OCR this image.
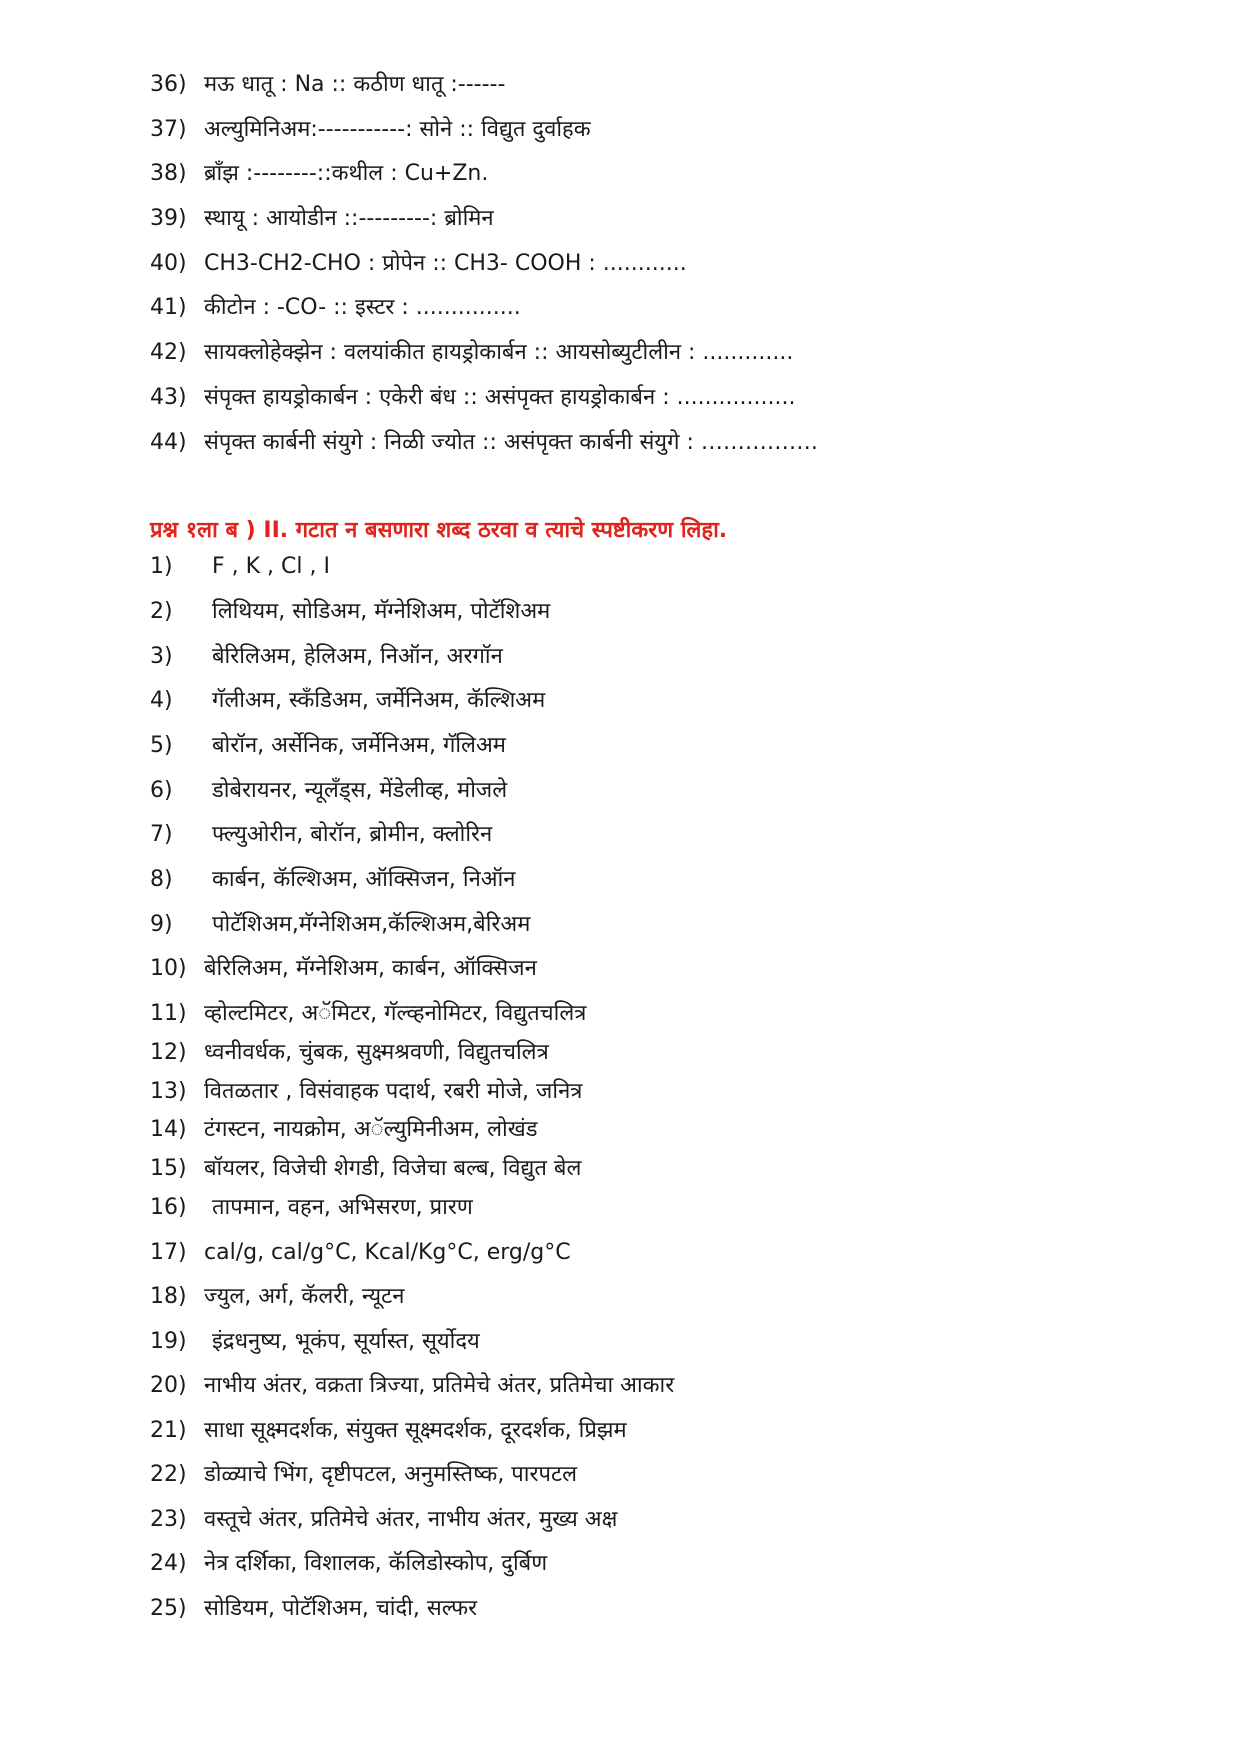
36) मऊ धातू : Na :: कठीण धातू :------
37) अल्युमिनिअम:-----------: सोने :: विद्युत दुर्वाहक
38) ब्राँझ :--------::कथील : Cu+Zn.
39) स्थायू : आयोडीन ::---------: ब्रोमिन
40) CH3-CH2-CHO : प्रोपेन :: CH3- COOH : ............
41) कीटोन : -CO- :: इस्टर : ...............
42) सायक्लोहेक्झेन : वलयांकीत हायड्रोकार्बन :: आयसोब्युटीलीन : .............
43) संपृक्त हायड्रोकार्बन : एकेरी बंध :: असंपृक्त हायड्रोकार्बन : .................
44) संपृक्त कार्बनी संयुगे : निळी ज्योत :: असंपृक्त कार्बनी संयुगे : …………….
प्रश्न १ला ब ) II. गटात न बसणारा शब्द ठरवा व त्याचे स्पष्टीकरण लिहा.
1)	F , K , Cl , I
2)	लिथियम, सोडिअम, मॅग्नेशिअम, पोटॅशिअम
3)	बेरिलिअम, हेलिअम, निऑन, अरगॉन
4)	गॅलीअम, स्कँडिअम, जर्मेनिअम, कॅल्शिअम
5)	बोरॉन, अर्सेनिक, जर्मेनिअम, गॅलिअम
6)	डोबेरायनर, न्यूलँड्स, मेंडेलीव्ह, मोजले
7)	फ्ल्युओरीन, बोरॉन, ब्रोमीन, क्लोरिन
8)	कार्बन, कॅल्शिअम, ऑक्सिजन, निऑन
9)	पोटॅशिअम,मॅग्नेशिअम,कॅल्शिअम,बेरिअम
10) बेरिलिअम, मॅग्नेशिअम, कार्बन, ऑक्सिजन
11) व्होल्टमिटर, अॅमिटर, गॅल्व्हनोमिटर, विद्युतचलित्र
12) ध्वनीवर्धक, चुंबक, सुक्ष्मश्रवणी, विद्युतचलित्र
13) वितळतार , विसंवाहक पदार्थ, रबरी मोजे, जनित्र
14) टंगस्टन, नायक्रोम, अॅल्युमिनीअम, लोखंड
15) बॉयलर, विजेची शेगडी, विजेचा बल्ब, विद्युत बेल
16)	तापमान, वहन, अभिसरण, प्रारण
17) cal/g, cal/g°C, Kcal/Kg°C, erg/g°C
18) ज्युल, अर्ग, कॅलरी, न्यूटन
19)	इंद्रधनुष्य, भूकंप, सूर्यास्त, सूर्योदय
20) नाभीय अंतर, वक्रता त्रिज्या, प्रतिमेचे अंतर, प्रतिमेचा आकार
21) साधा सूक्ष्मदर्शक, संयुक्त सूक्ष्मदर्शक, दूरदर्शक, प्रिझम
22) डोळ्याचे भिंग, दृष्टीपटल, अनुमस्तिष्क, पारपटल
23) वस्तूचे अंतर, प्रतिमेचे अंतर, नाभीय अंतर, मुख्य अक्ष
24) नेत्र दर्शिका, विशालक, कॅलिडोस्कोप, दुर्बिण
25) सोडियम, पोटॅशिअम, चांदी, सल्फर
